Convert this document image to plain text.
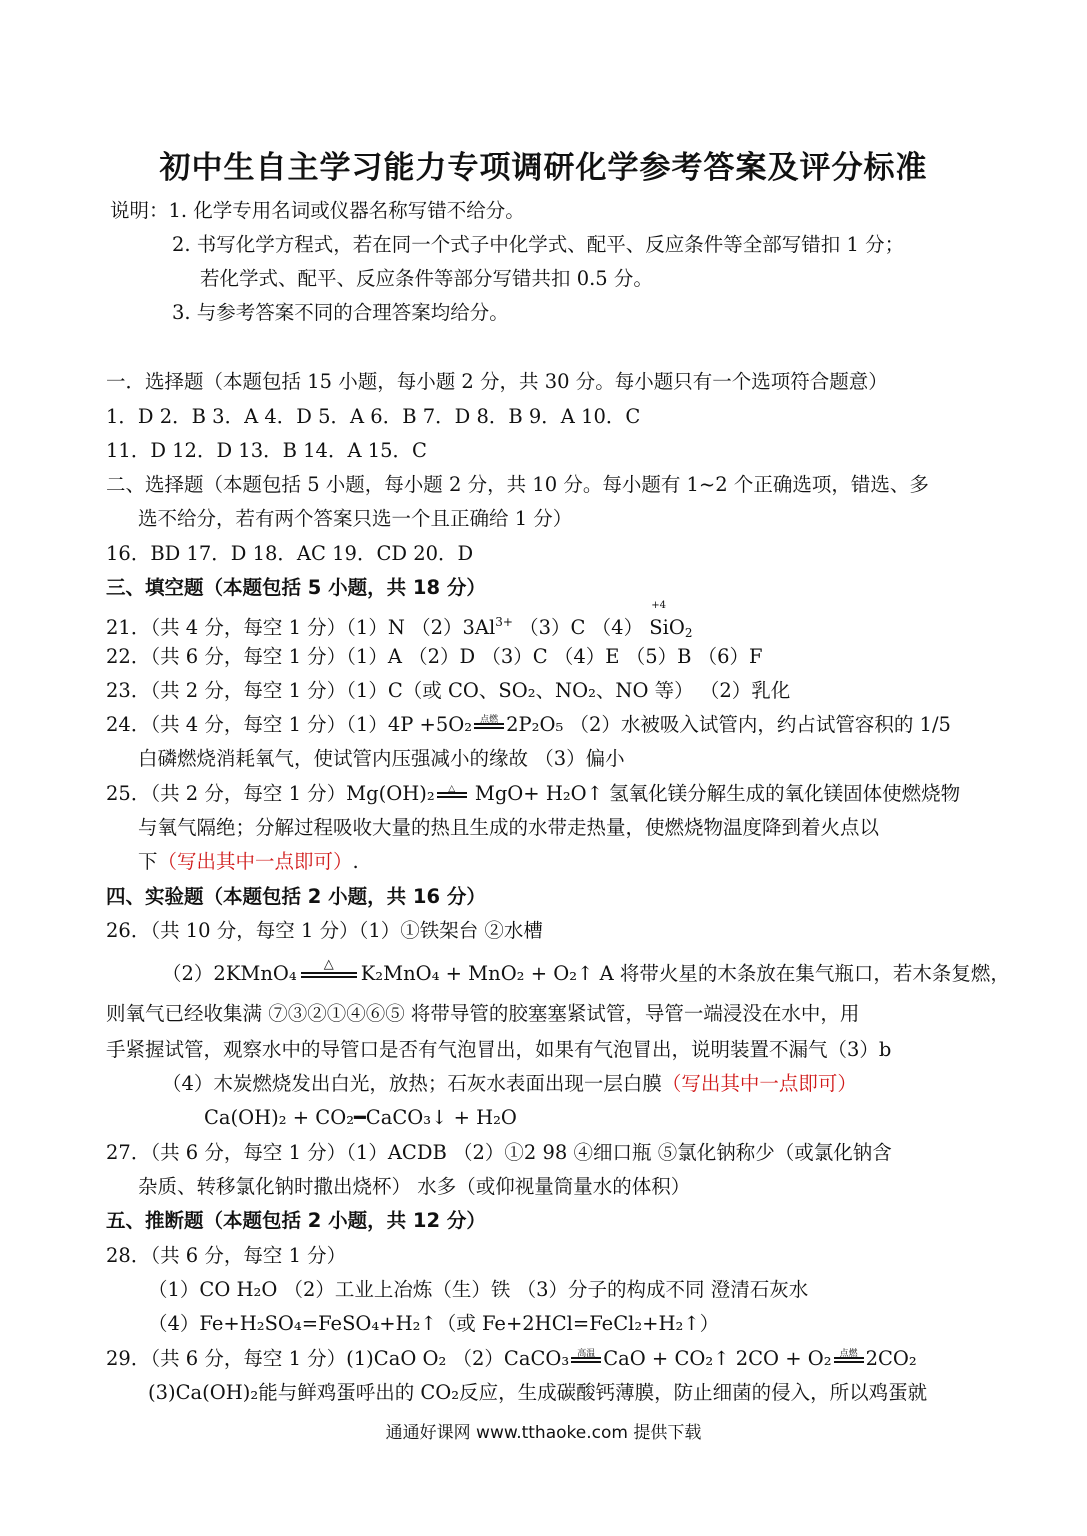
初中生自主学习能力专项调研化学参考答案及评分标准
说明：1. 化学专用名词或仪器名称写错不给分。
2. 书写化学方程式，若在同一个式子中化学式、配平、反应条件等全部写错扣 1 分；
若化学式、配平、反应条件等部分写错共扣 0.5 分。
3. 与参考答案不同的合理答案均给分。
一．选择题（本题包括 15 小题，每小题 2 分，共 30 分。每小题只有一个选项符合题意）
1．D 2．B 3．A 4．D 5．A 6．B 7．D 8．B 9．A 10．C
11．D 12．D 13．B 14．A 15．C
二、选择题（本题包括 5 小题，每小题 2 分，共 10 分。每小题有 1~2 个正确选项，错选、多
选不给分，若有两个答案只选一个且正确给 1 分）
16．BD 17．D 18．AC 19．CD 20．D
三、填空题（本题包括 5 小题，共 18 分）
21．（共 4 分，每空 1 分）（1）N $(2)3Al^{3+}$ （3）C （4）
+4
SiO$_2$
22．（共 6 分，每空 1 分）（1）A （2）D （3）C （4）E （5）B （6）F
23．（共 2 分，每空 1 分）（1）C（或 CO、SO₂、NO₂、NO 等） （2）乳化
24．（共 4 分，每空 1 分）（1）4P +5O₂ 点燃 2P₂O₅ （2）水被吸入试管内，约占试管容积的 1/5
白磷燃烧消耗氧气，使试管内压强减小的缘故 （3）偏小
25．（共 2 分，每空 1 分）Mg(OH)₂	△ MgO+ H₂O↑ 氢氧化镁分解生成的氧化镁固体使燃烧物
与氧气隔绝；分解过程吸收大量的热且生成的水带走热量，使燃烧物温度降到着火点以
下（写出其中一点即可）.
四、实验题（本题包括 2 小题，共 16 分）
26．（共 10 分，每空 1 分）（1）①铁架台 ②水槽
（2）2KMnO₄	△	K₂MnO₄ + MnO₂ + O₂↑ A 将带火星的木条放在集气瓶口，若木条复燃，
则氧气已经收集满 ⑦③②①④⑥⑤ 将带导管的胶塞塞紧试管，导管一端浸没在水中，用
手紧握试管，观察水中的导管口是否有气泡冒出，如果有气泡冒出，说明装置不漏气（3）b
（4）木炭燃烧发出白光，放热；石灰水表面出现一层白膜（写出其中一点即可）
Ca(OH)₂ + CO₂━CaCO₃↓ + H₂O
27．（共 6 分，每空 1 分）（1）ACDB （2）①2 98 ④细口瓶 ⑤氯化钠称少（或氯化钠含
杂质、转移氯化钠时撒出烧杯） 水多（或仰视量筒量水的体积）
五、推断题（本题包括 2 小题，共 12 分）
28．（共 6 分，每空 1 分）
（1）CO H₂O （2）工业上冶炼（生）铁 （3）分子的构成不同 澄清石灰水
（4）Fe+H₂SO₄=FeSO₄+H₂↑（或 Fe+2HCl=FeCl₂+H₂↑）
29．（共 6 分，每空 1 分）(1)CaO O₂ （2）CaCO₃ 高温 CaO + CO₂↑ 2CO + O₂ 点燃 2CO₂
(3)Ca(OH)₂能与鲜鸡蛋呼出的 CO₂反应，生成碳酸钙薄膜，防止细菌的侵入，所以鸡蛋就
通通好课网 www.tthaoke.com 提供下载
